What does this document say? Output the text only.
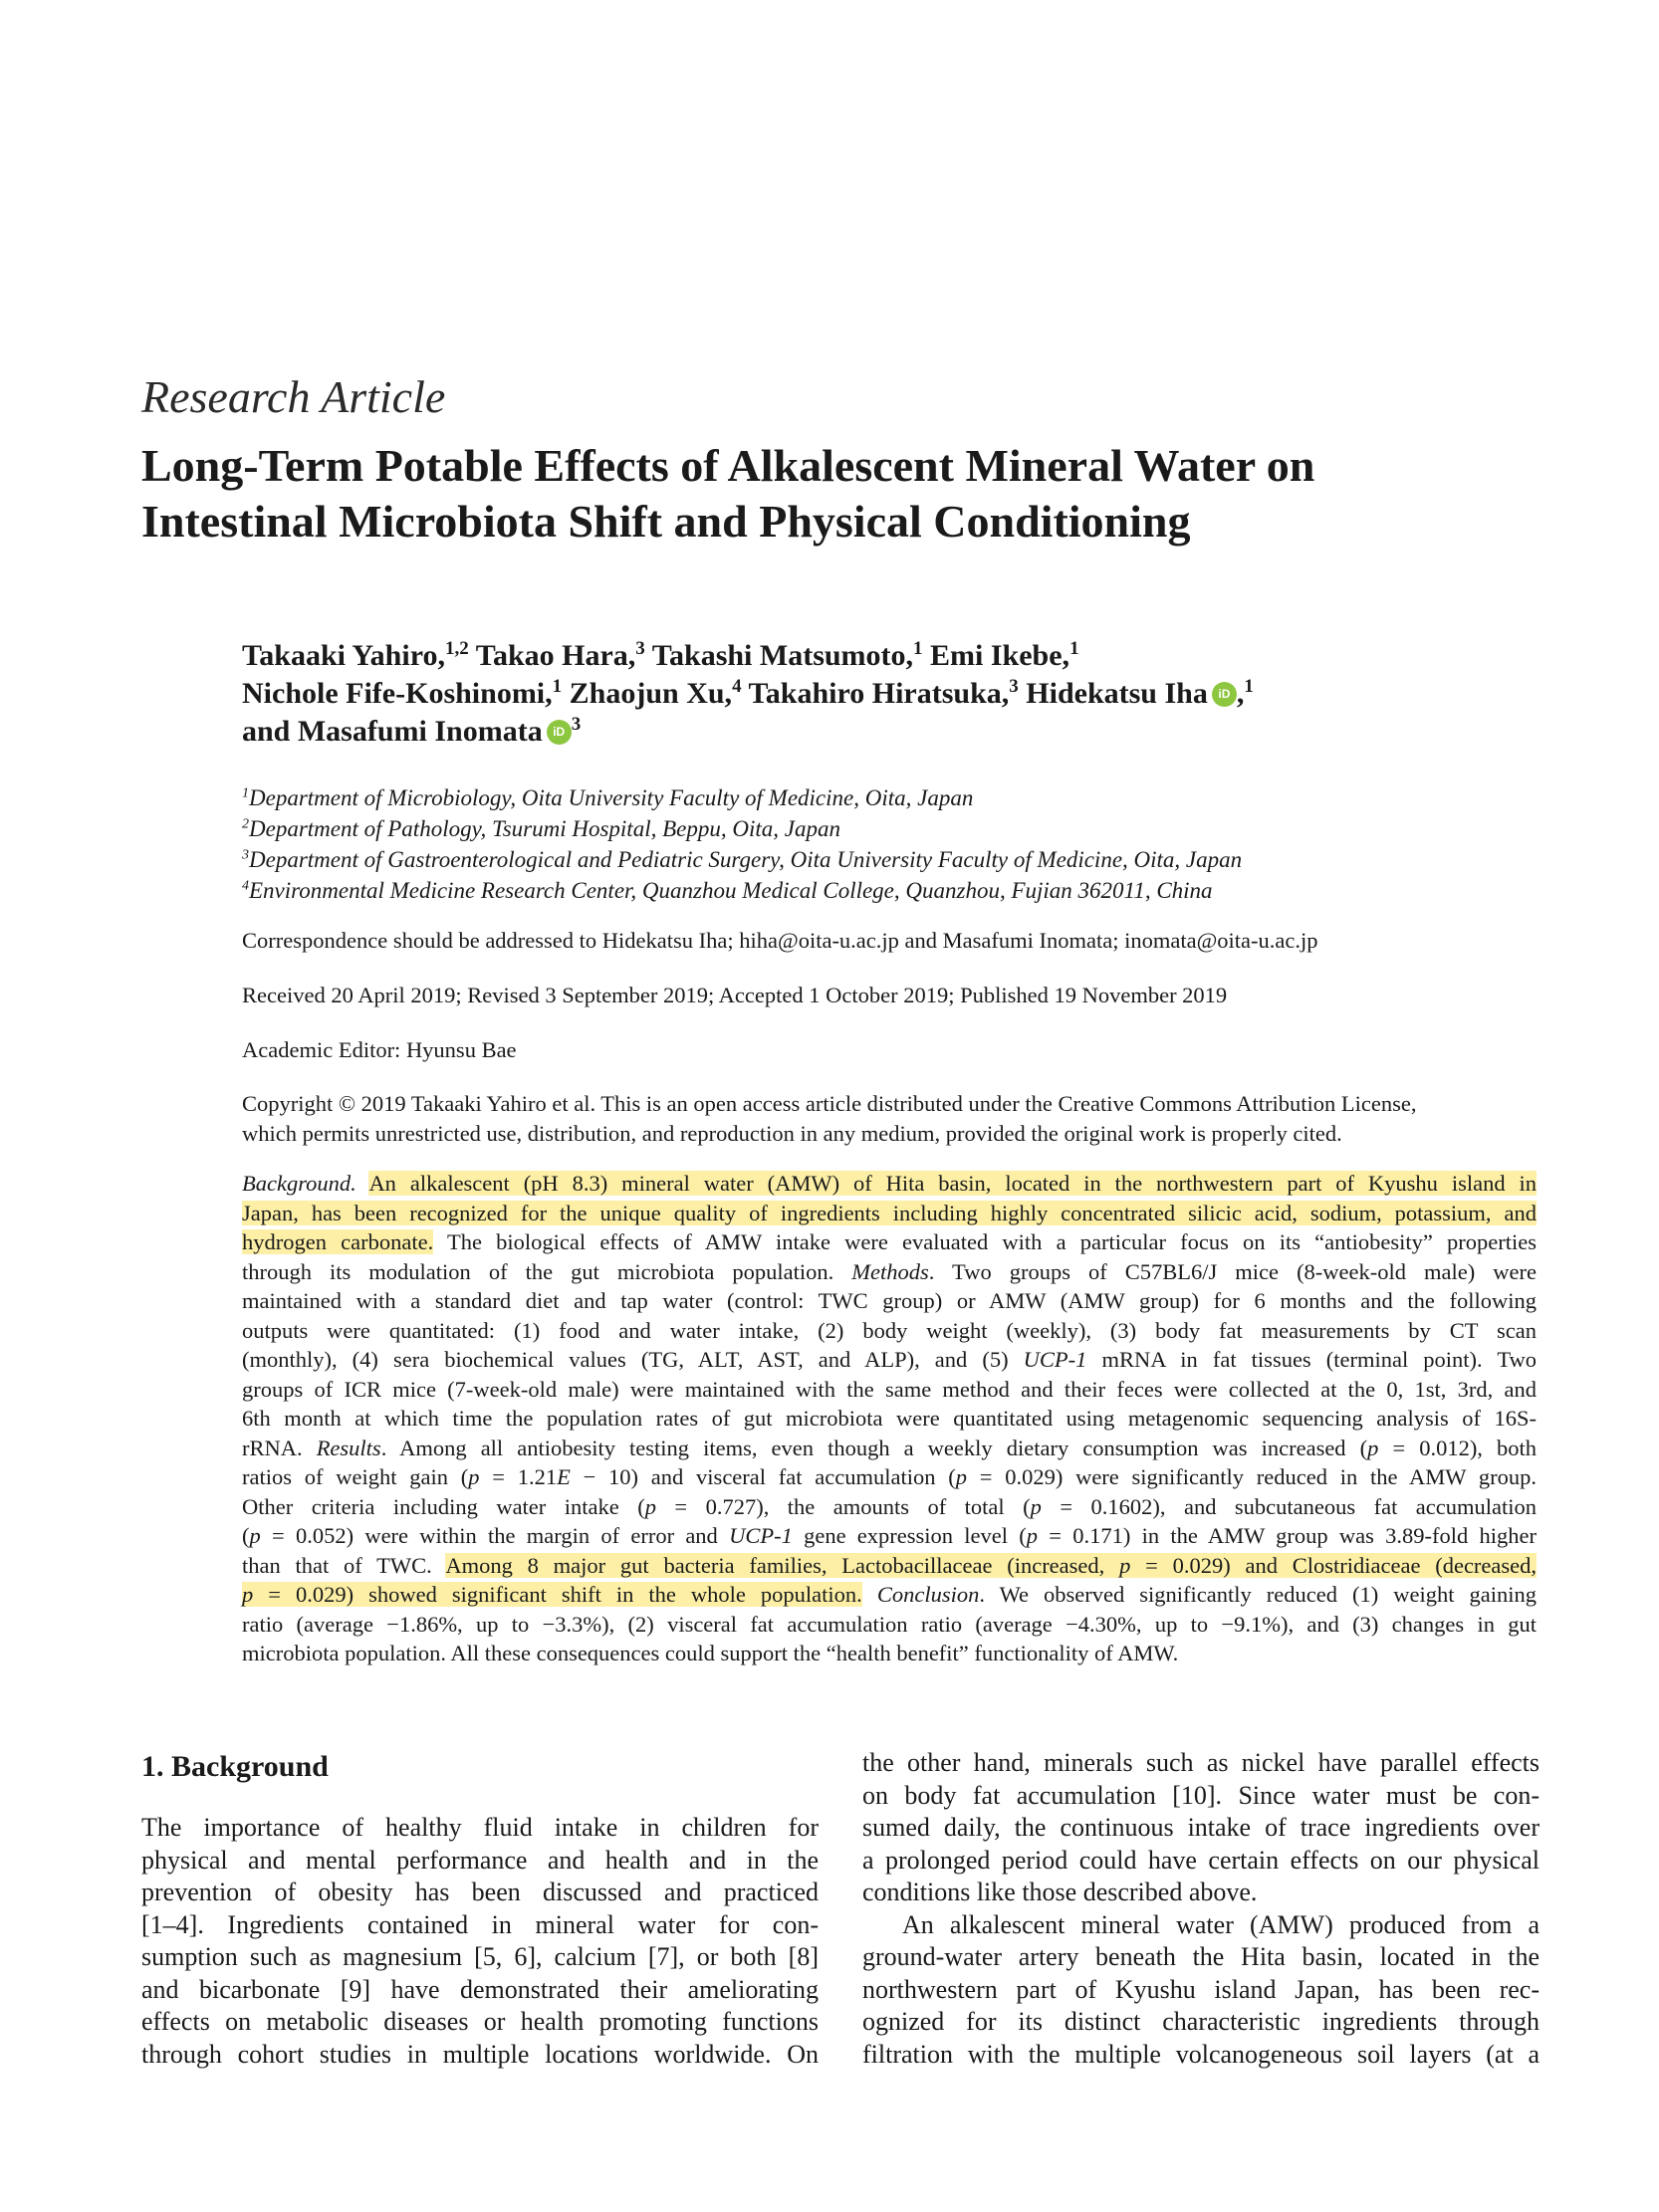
Research Article
Long-Term Potable Effects of Alkalescent Mineral Water on
Intestinal Microbiota Shift and Physical Conditioning
Takaaki Yahiro,$^{1,2}$ Takao Hara,$^3$ Takashi Matsumoto,$^1$ Emi Ikebe,$^1$
Nichole Fife-Koshinomi,$^1$ Zhaojun Xu,$^4$ Takahiro Hiratsuka,$^3$ Hidekatsu Iha iD ,$^1$
and Masafumi Inomata iD $^3$
$^1$Department of Microbiology, Oita University Faculty of Medicine, Oita, Japan
$^2$Department of Pathology, Tsurumi Hospital, Beppu, Oita, Japan
$^3$Department of Gastroenterological and Pediatric Surgery, Oita University Faculty of Medicine, Oita, Japan
$^4$Environmental Medicine Research Center, Quanzhou Medical College, Quanzhou, Fujian 362011, China
Correspondence should be addressed to Hidekatsu Iha; hiha@oita-u.ac.jp and Masafumi Inomata; inomata@oita-u.ac.jp
Received 20 April 2019; Revised 3 September 2019; Accepted 1 October 2019; Published 19 November 2019
Academic Editor: Hyunsu Bae
Copyright © 2019 Takaaki Yahiro et al. This is an open access article distributed under the Creative Commons Attribution License,
which permits unrestricted use, distribution, and reproduction in any medium, provided the original work is properly cited.
Background. An alkalescent (pH 8.3) mineral water (AMW) of Hita basin, located in the northwestern part of Kyushu island in
Japan, has been recognized for the unique quality of ingredients including highly concentrated silicic acid, sodium, potassium, and
hydrogen carbonate. The biological effects of AMW intake were evaluated with a particular focus on its “antiobesity” properties
through its modulation of the gut microbiota population. Methods. Two groups of C57BL6/J mice (8-week-old male) were
maintained with a standard diet and tap water (control: TWC group) or AMW (AMW group) for 6 months and the following
outputs were quantitated: (1) food and water intake, (2) body weight (weekly), (3) body fat measurements by CT scan
(monthly), (4) sera biochemical values (TG, ALT, AST, and ALP), and (5) UCP-1 mRNA in fat tissues (terminal point). Two
groups of ICR mice (7-week-old male) were maintained with the same method and their feces were collected at the 0, 1st, 3rd, and
6th month at which time the population rates of gut microbiota were quantitated using metagenomic sequencing analysis of 16S-
rRNA. Results. Among all antiobesity testing items, even though a weekly dietary consumption was increased (p = 0.012), both
ratios of weight gain (p = 1.21E − 10) and visceral fat accumulation (p = 0.029) were significantly reduced in the AMW group.
Other criteria including water intake (p = 0.727), the amounts of total (p = 0.1602), and subcutaneous fat accumulation
(p = 0.052) were within the margin of error and UCP-1 gene expression level (p = 0.171) in the AMW group was 3.89-fold higher
than that of TWC. Among 8 major gut bacteria families, Lactobacillaceae (increased, p = 0.029) and Clostridiaceae (decreased,
p = 0.029) showed significant shift in the whole population. Conclusion. We observed significantly reduced (1) weight gaining
ratio (average −1.86%, up to −3.3%), (2) visceral fat accumulation ratio (average −4.30%, up to −9.1%), and (3) changes in gut
microbiota population. All these consequences could support the “health benefit” functionality of AMW.
1. Background
The importance of healthy fluid intake in children for
physical and mental performance and health and in the
prevention of obesity has been discussed and practiced
[1–4]. Ingredients contained in mineral water for con-
sumption such as magnesium [5, 6], calcium [7], or both [8]
and bicarbonate [9] have demonstrated their ameliorating
effects on metabolic diseases or health promoting functions
through cohort studies in multiple locations worldwide. On
the other hand, minerals such as nickel have parallel effects
on body fat accumulation [10]. Since water must be con-
sumed daily, the continuous intake of trace ingredients over
a prolonged period could have certain effects on our physical
conditions like those described above.
An alkalescent mineral water (AMW) produced from a
ground-water artery beneath the Hita basin, located in the
northwestern part of Kyushu island Japan, has been rec-
ognized for its distinct characteristic ingredients through
filtration with the multiple volcanogeneous soil layers (at a
